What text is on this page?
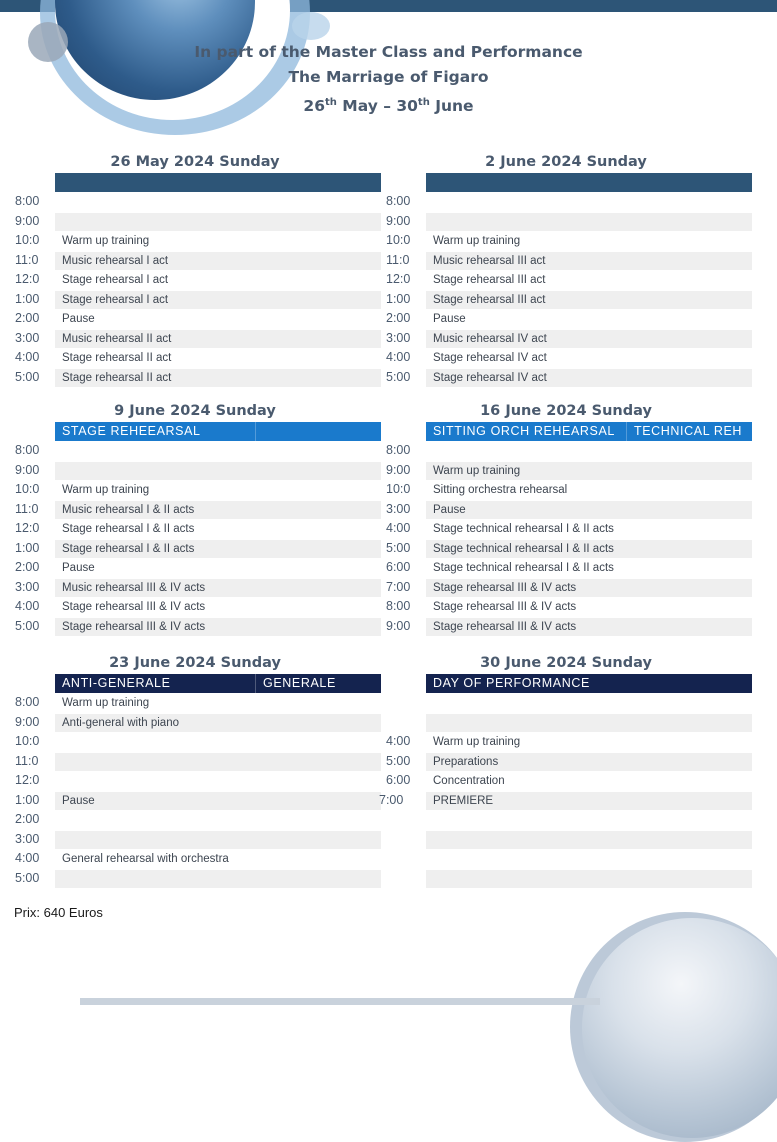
In part of the Master Class and Performance
The Marriage of Figaro
26th May – 30th June
26 May 2024 Sunday
8:00
9:00
10:0	Warm up training
11:0	Music rehearsal I act
12:0	Stage rehearsal I act
1:00	Stage rehearsal I act
2:00	Pause
3:00	Music rehearsal II act
4:00	Stage rehearsal II act
5:00	Stage rehearsal II act
2 June 2024 Sunday
8:00
9:00
10:0	Warm up training
11:0	Music rehearsal III act
12:0	Stage rehearsal III act
1:00	Stage rehearsal III act
2:00	Pause
3:00	Music rehearsal IV act
4:00	Stage rehearsal IV act
5:00	Stage rehearsal IV act
9 June 2024 Sunday
STAGE REHEEARSAL
8:00
9:00
10:0	Warm up training
11:0	Music rehearsal I & II acts
12:0	Stage rehearsal I & II acts
1:00	Stage rehearsal I & II acts
2:00	Pause
3:00	Music rehearsal III & IV acts
4:00	Stage rehearsal III & IV acts
5:00	Stage rehearsal III & IV acts
16 June 2024 Sunday
SITTING ORCH REHEARSAL	TECHNICAL REH
8:00
9:00	Warm up training
10:0	Sitting orchestra rehearsal
3:00	Pause
4:00	Stage technical rehearsal I & II acts
5:00	Stage technical rehearsal I & II acts
6:00	Stage technical rehearsal I & II acts
7:00	Stage rehearsal III & IV acts
8:00	Stage rehearsal III & IV acts
9:00	Stage rehearsal III & IV acts
23 June 2024 Sunday
ANTI-GENERALE	GENERALE
8:00	Warm up training
9:00	Anti-general with piano
10:0
11:0
12:0
1:00	Pause
2:00
3:00
4:00	General rehearsal with orchestra
5:00
30 June 2024 Sunday
DAY OF PERFORMANCE
4:00	Warm up training
5:00	Preparations
6:00	Concentration
7:00	PREMIERE
Prix: 640 Euros
